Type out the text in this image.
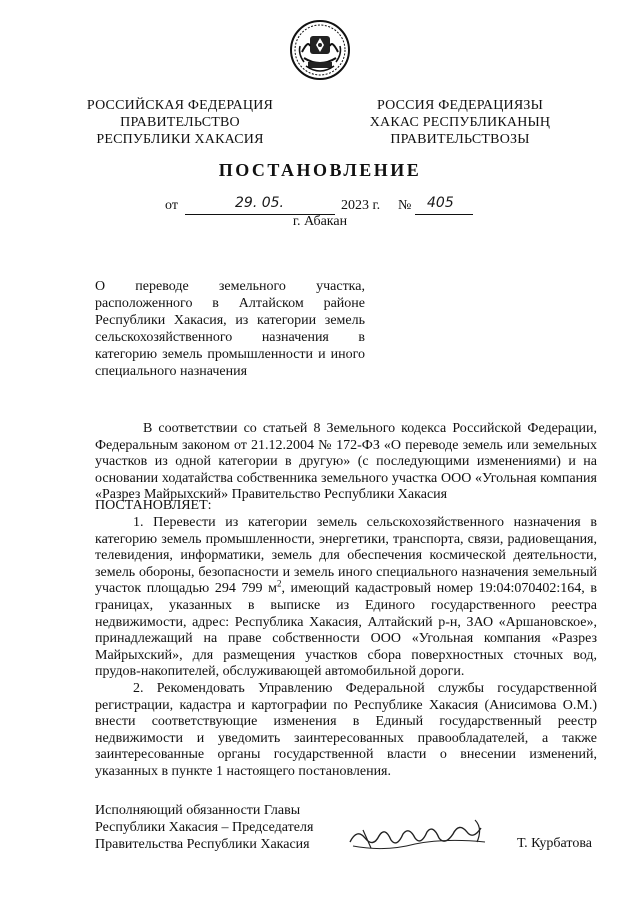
РОССИЙСКАЯ ФЕДЕРАЦИЯ
ПРАВИТЕЛЬСТВО
РЕСПУБЛИКИ ХАКАСИЯ
РОССИЯ ФЕДЕРАЦИЯЗЫ
ХАКАС РЕСПУБЛИКАНЫҢ
ПРАВИТЕЛЬСТВОЗЫ
ПОСТАНОВЛЕНИЕ
от	29. 05.	2023 г. № 405
г. Абакан
О переводе земельного участка, расположенного в Алтайском районе Республики Хакасия, из категории земель сельскохозяйственного назначения в категорию земель промышленности и иного специального назначения
В соответствии со статьей 8 Земельного кодекса Российской Федерации, Федеральным законом от 21.12.2004 № 172-ФЗ «О переводе земель или земельных участков из одной категории в другую» (с последующими изменениями) и на основании ходатайства собственника земельного участка ООО «Угольная компания «Разрез Майрыхский» Правительство Республики Хакасия
ПОСТАНОВЛЯЕТ:
1. Перевести из категории земель сельскохозяйственного назначения в категорию земель промышленности, энергетики, транспорта, связи, радиовещания, телевидения, информатики, земель для обеспечения космической деятельности, земель обороны, безопасности и земель иного специального назначения земельный участок площадью 294 799 $м^2$, имеющий кадастровый номер 19:04:070402:164, в границах, указанных в выписке из Единого государственного реестра недвижимости, адрес: Республика Хакасия, Алтайский р-н, ЗАО «Аршановское», принадлежащий на праве собственности ООО «Угольная компания «Разрез Майрыхский», для размещения участков сбора поверхностных сточных вод, прудов-накопителей, обслуживающей автомобильной дороги.
2. Рекомендовать Управлению Федеральной службы государственной регистрации, кадастра и картографии по Республике Хакасия (Анисимова О.М.) внести соответствующие изменения в Единый государственный реестр недвижимости и уведомить заинтересованных правообладателей, а также заинтересованные органы государственной власти о внесении изменений, указанных в пункте 1 настоящего постановления.
Исполняющий обязанности Главы
Республики Хакасия – Председателя
Правительства Республики Хакасия	Т. Курбатова
